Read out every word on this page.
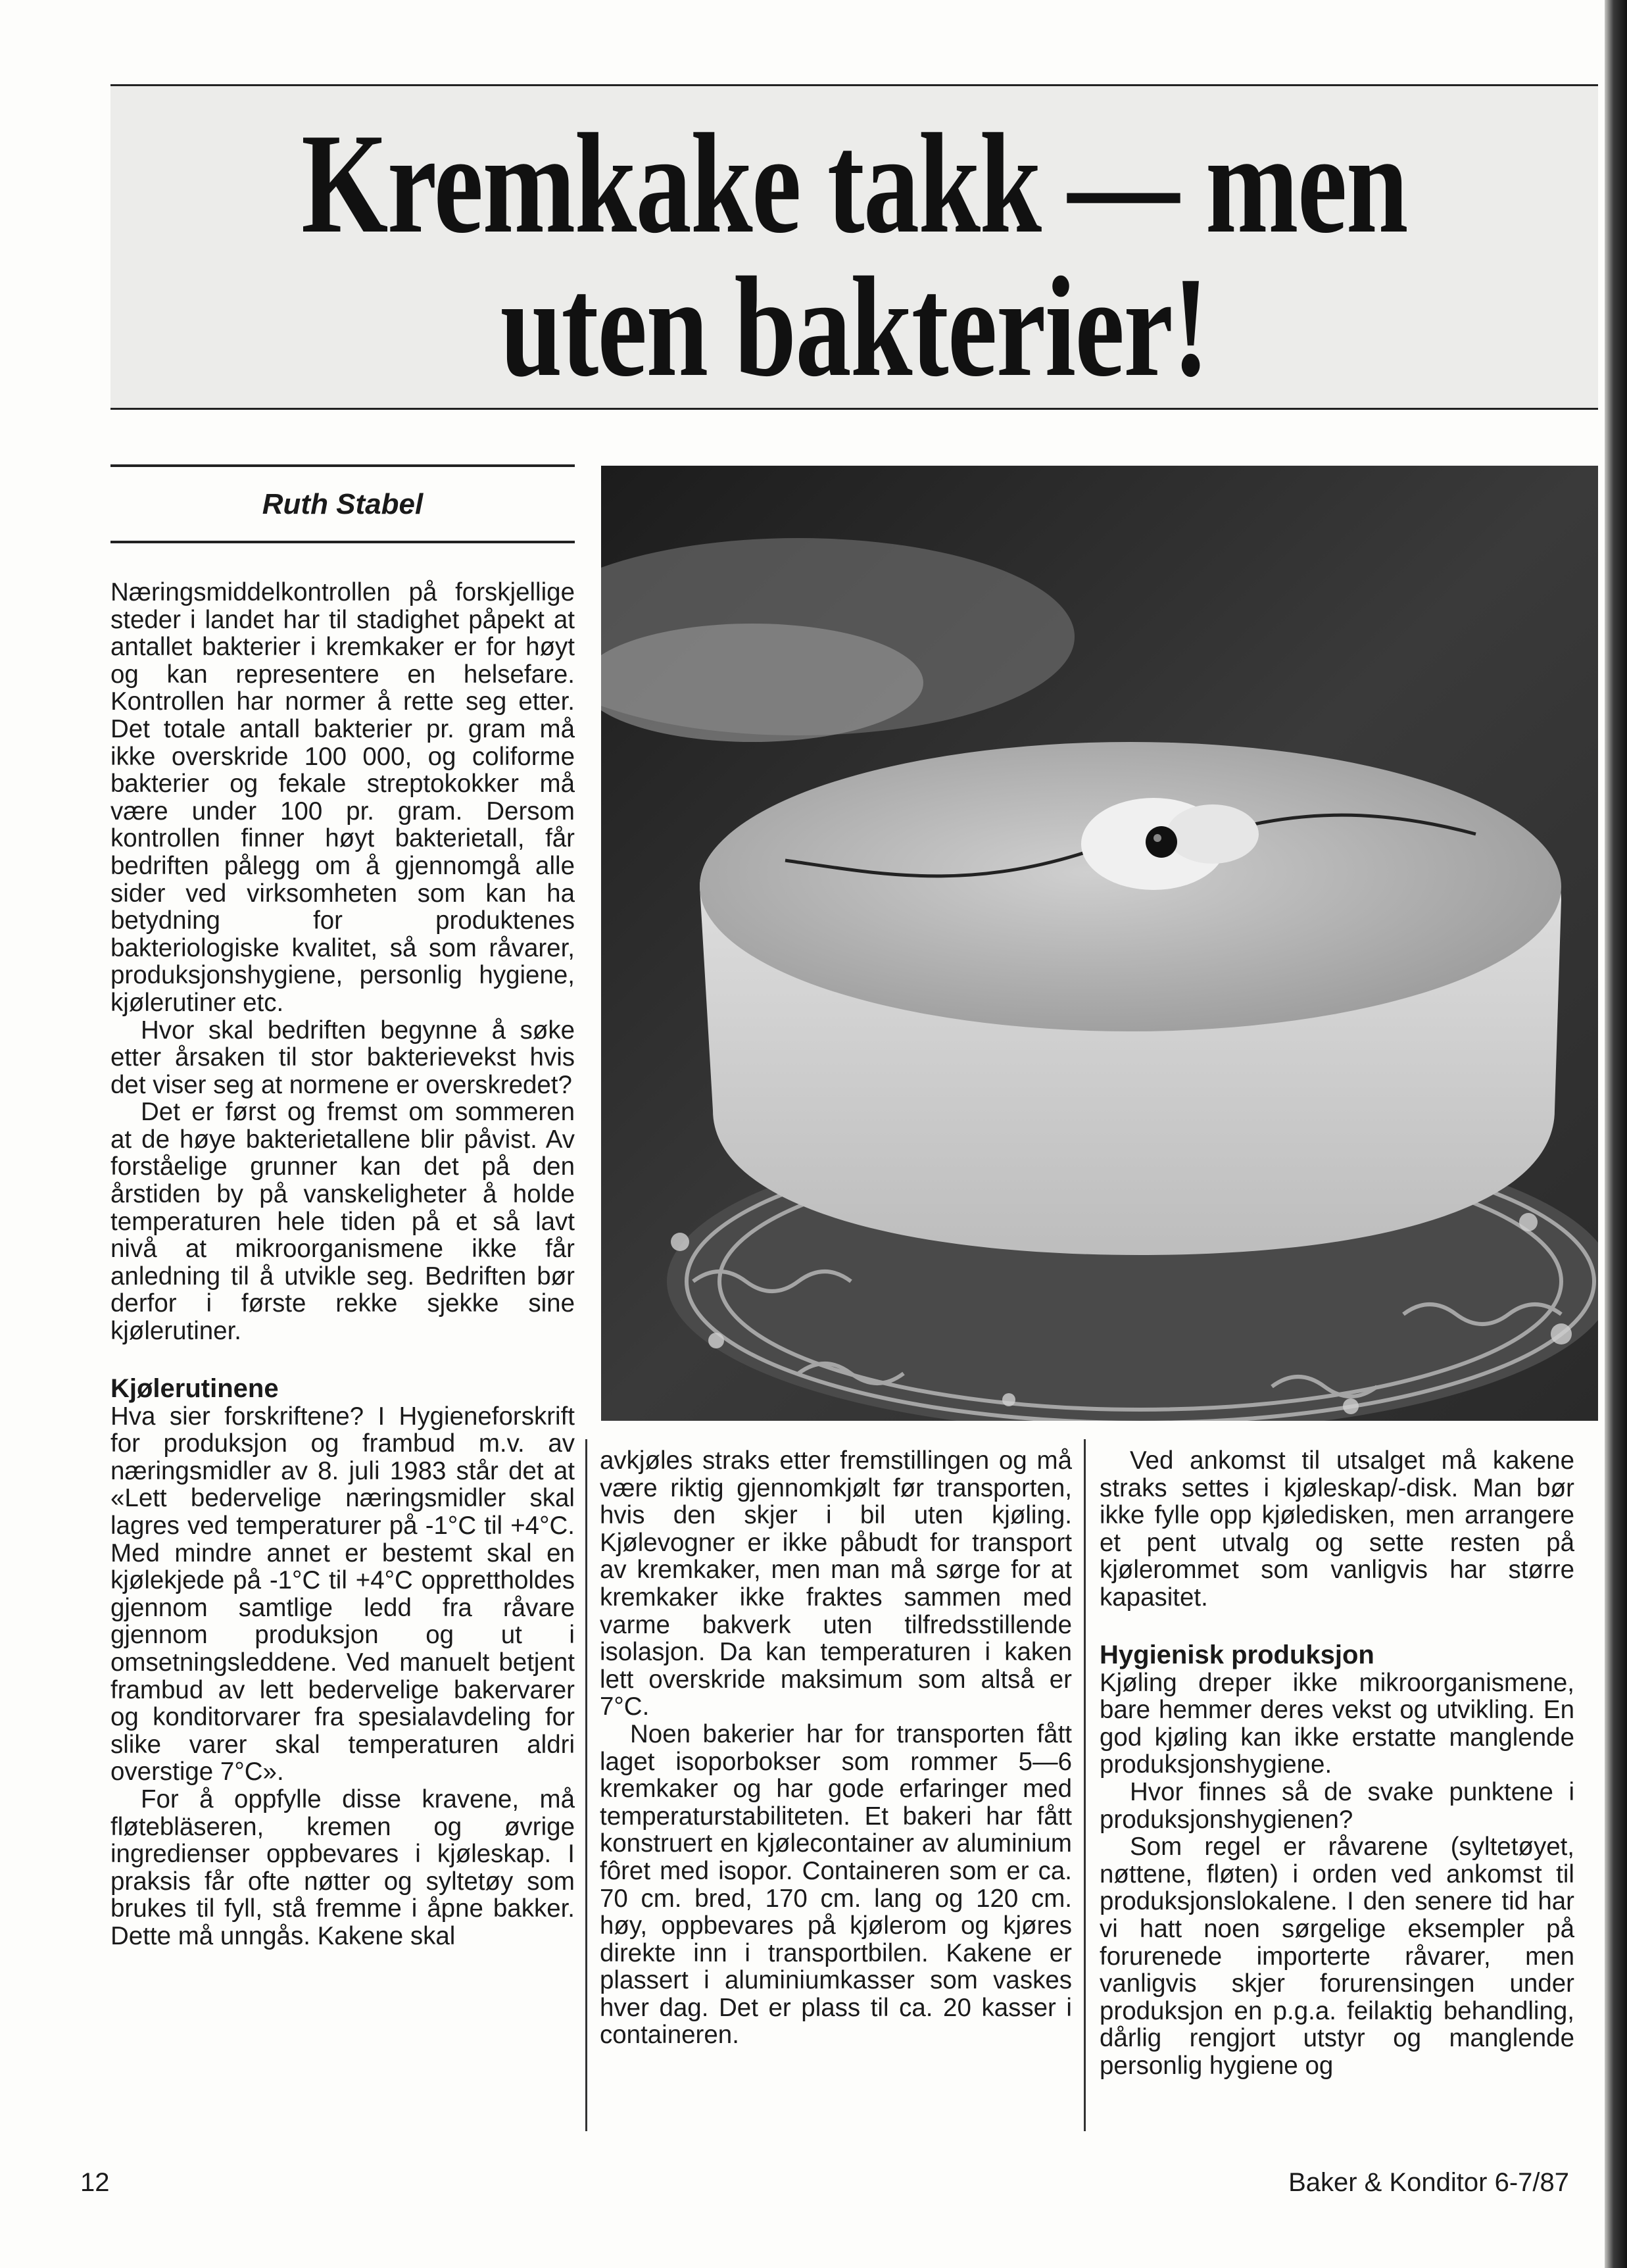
Kremkake takk — men
uten bakterier!
Ruth Stabel

Næringsmiddelkontrollen på forskjellige steder i landet har til stadighet påpekt at antallet bakterier i kremkaker er for høyt og kan representere en helsefare. Kontrollen har normer å rette seg etter. Det totale antall bakterier pr. gram må ikke overskride 100 000, og coliforme bakterier og fekale streptokokker må være under 100 pr. gram. Dersom kontrollen finner høyt bakterietall, får bedriften pålegg om å gjennomgå alle sider ved virksomheten som kan ha betydning for produktenes bakteriologiske kvalitet, så som råvarer, produksjonshygiene, personlig hygiene, kjølerutiner etc.

Hvor skal bedriften begynne å søke etter årsaken til stor bakterievekst hvis det viser seg at normene er overskredet?

Det er først og fremst om sommeren at de høye bakterietallene blir påvist. Av forståelige grunner kan det på den årstiden by på vanskeligheter å holde temperaturen hele tiden på et så lavt nivå at mikroorganismene ikke får anledning til å utvikle seg. Bedriften bør derfor i første rekke sjekke sine kjølerutiner.

Kjølerutinene

Hva sier forskriftene? I Hygieneforskrift for produksjon og frambud m.v. av næringsmidler av 8. juli 1983 står det at «Lett bedervelige næringsmidler skal lagres ved temperaturer på -1°C til +4°C. Med mindre annet er bestemt skal en kjølekjede på -1°C til +4°C opprettholdes gjennom samtlige ledd fra råvare gjennom produksjon og ut i omsetningsleddene. Ved manuelt betjent frambud av lett bedervelige bakervarer og konditorvarer fra spesialavdeling for slike varer skal temperaturen aldri overstige 7°C».

For å oppfylle disse kravene, må fløtebläseren, kremen og øvrige ingredienser oppbevares i kjøleskap. I praksis får ofte nøtter og syltetøy som brukes til fyll, stå fremme i åpne bakker. Dette må unngås. Kakene skal

avkjøles straks etter fremstillingen og må være riktig gjennomkjølt før transporten, hvis den skjer i bil uten kjøling. Kjølevogner er ikke påbudt for transport av kremkaker, men man må sørge for at kremkaker ikke fraktes sammen med varme bakverk uten tilfredsstillende isolasjon. Da kan temperaturen i kaken lett overskride maksimum som altså er 7°C.

Noen bakerier har for transporten fått laget isoporbokser som rommer 5—6 kremkaker og har gode erfaringer med temperaturstabiliteten. Et bakeri har fått konstruert en kjølecontainer av aluminium fôret med isopor. Containeren som er ca. 70 cm. bred, 170 cm. lang og 120 cm. høy, oppbevares på kjølerom og kjøres direkte inn i transportbilen. Kakene er plassert i aluminiumkasser som vaskes hver dag. Det er plass til ca. 20 kasser i containeren.

Ved ankomst til utsalget må kakene straks settes i kjøleskap/-disk. Man bør ikke fylle opp kjøledisken, men arrangere et pent utvalg og sette resten på kjølerommet som vanligvis har større kapasitet.

Hygienisk produksjon

Kjøling dreper ikke mikroorganismene, bare hemmer deres vekst og utvikling. En god kjøling kan ikke erstatte manglende produksjonshygiene.

Hvor finnes så de svake punktene i produksjonshygienen?

Som regel er råvarene (syltetøyet, nøttene, fløten) i orden ved ankomst til produksjonslokalene. I den senere tid har vi hatt noen sørgelige eksempler på forurenede importerte råvarer, men vanligvis skjer forurensingen under produksjon en p.g.a. feilaktig behandling, dårlig rengjort utstyr og manglende personlig hygiene og

12	Baker & Konditor 6-7/87
